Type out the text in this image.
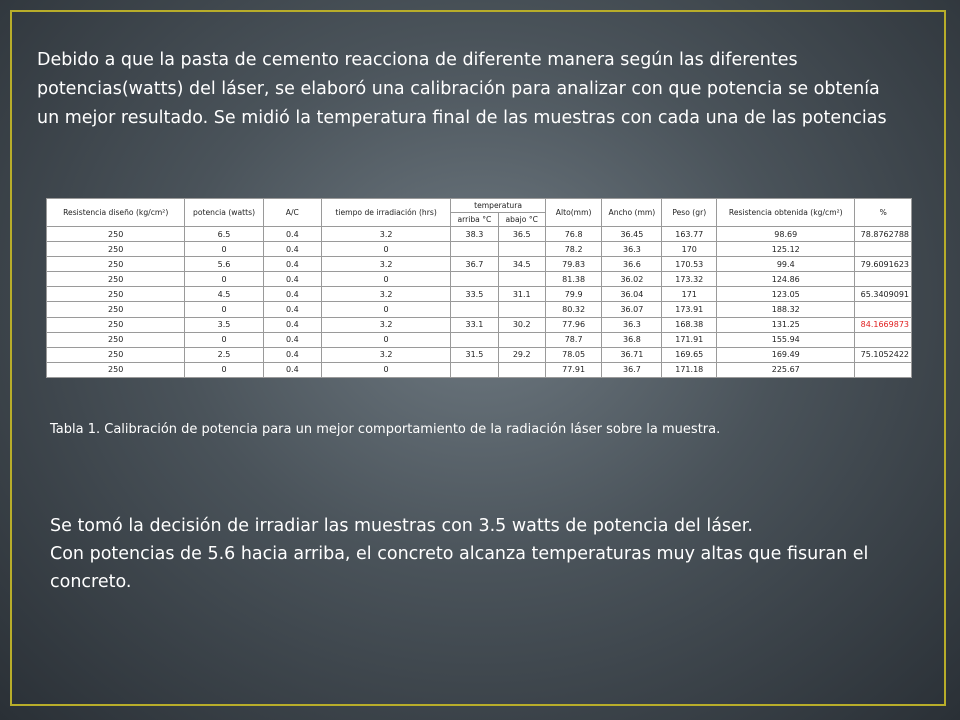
Debido a que la pasta de cemento reacciona de diferente manera según las diferentes potencias(watts) del láser, se elaboró una calibración para analizar con que potencia se obtenía un mejor resultado. Se midió la temperatura final de las muestras con cada una de las potencias

Resistencia diseño (kg/cm²)	potencia (watts)	A/C	tiempo de irradiación (hrs)	temperatura		Alto(mm)	Ancho (mm)	Peso (gr)	Resistencia obtenida (kg/cm²)	%
				arriba °C	abajo °C					
250	6.5	0.4	3.2	38.3	36.5	76.8	36.45	163.77	98.69	78.8762788
250	0	0.4	0			78.2	36.3	170	125.12	
250	5.6	0.4	3.2	36.7	34.5	79.83	36.6	170.53	99.4	79.6091623
250	0	0.4	0			81.38	36.02	173.32	124.86	
250	4.5	0.4	3.2	33.5	31.1	79.9	36.04	171	123.05	65.3409091
250	0	0.4	0			80.32	36.07	173.91	188.32	
250	3.5	0.4	3.2	33.1	30.2	77.96	36.3	168.38	131.25	84.1669873
250	0	0.4	0			78.7	36.8	171.91	155.94	
250	2.5	0.4	3.2	31.5	29.2	78.05	36.71	169.65	169.49	75.1052422
250	0	0.4	0			77.91	36.7	171.18	225.67	

Tabla 1. Calibración de potencia para un mejor comportamiento de la radiación láser sobre la muestra.

Se tomó la decisión de irradiar las muestras con 3.5 watts de potencia del láser.

Con potencias de 5.6 hacia arriba, el concreto alcanza temperaturas muy altas que fisuran el concreto.
